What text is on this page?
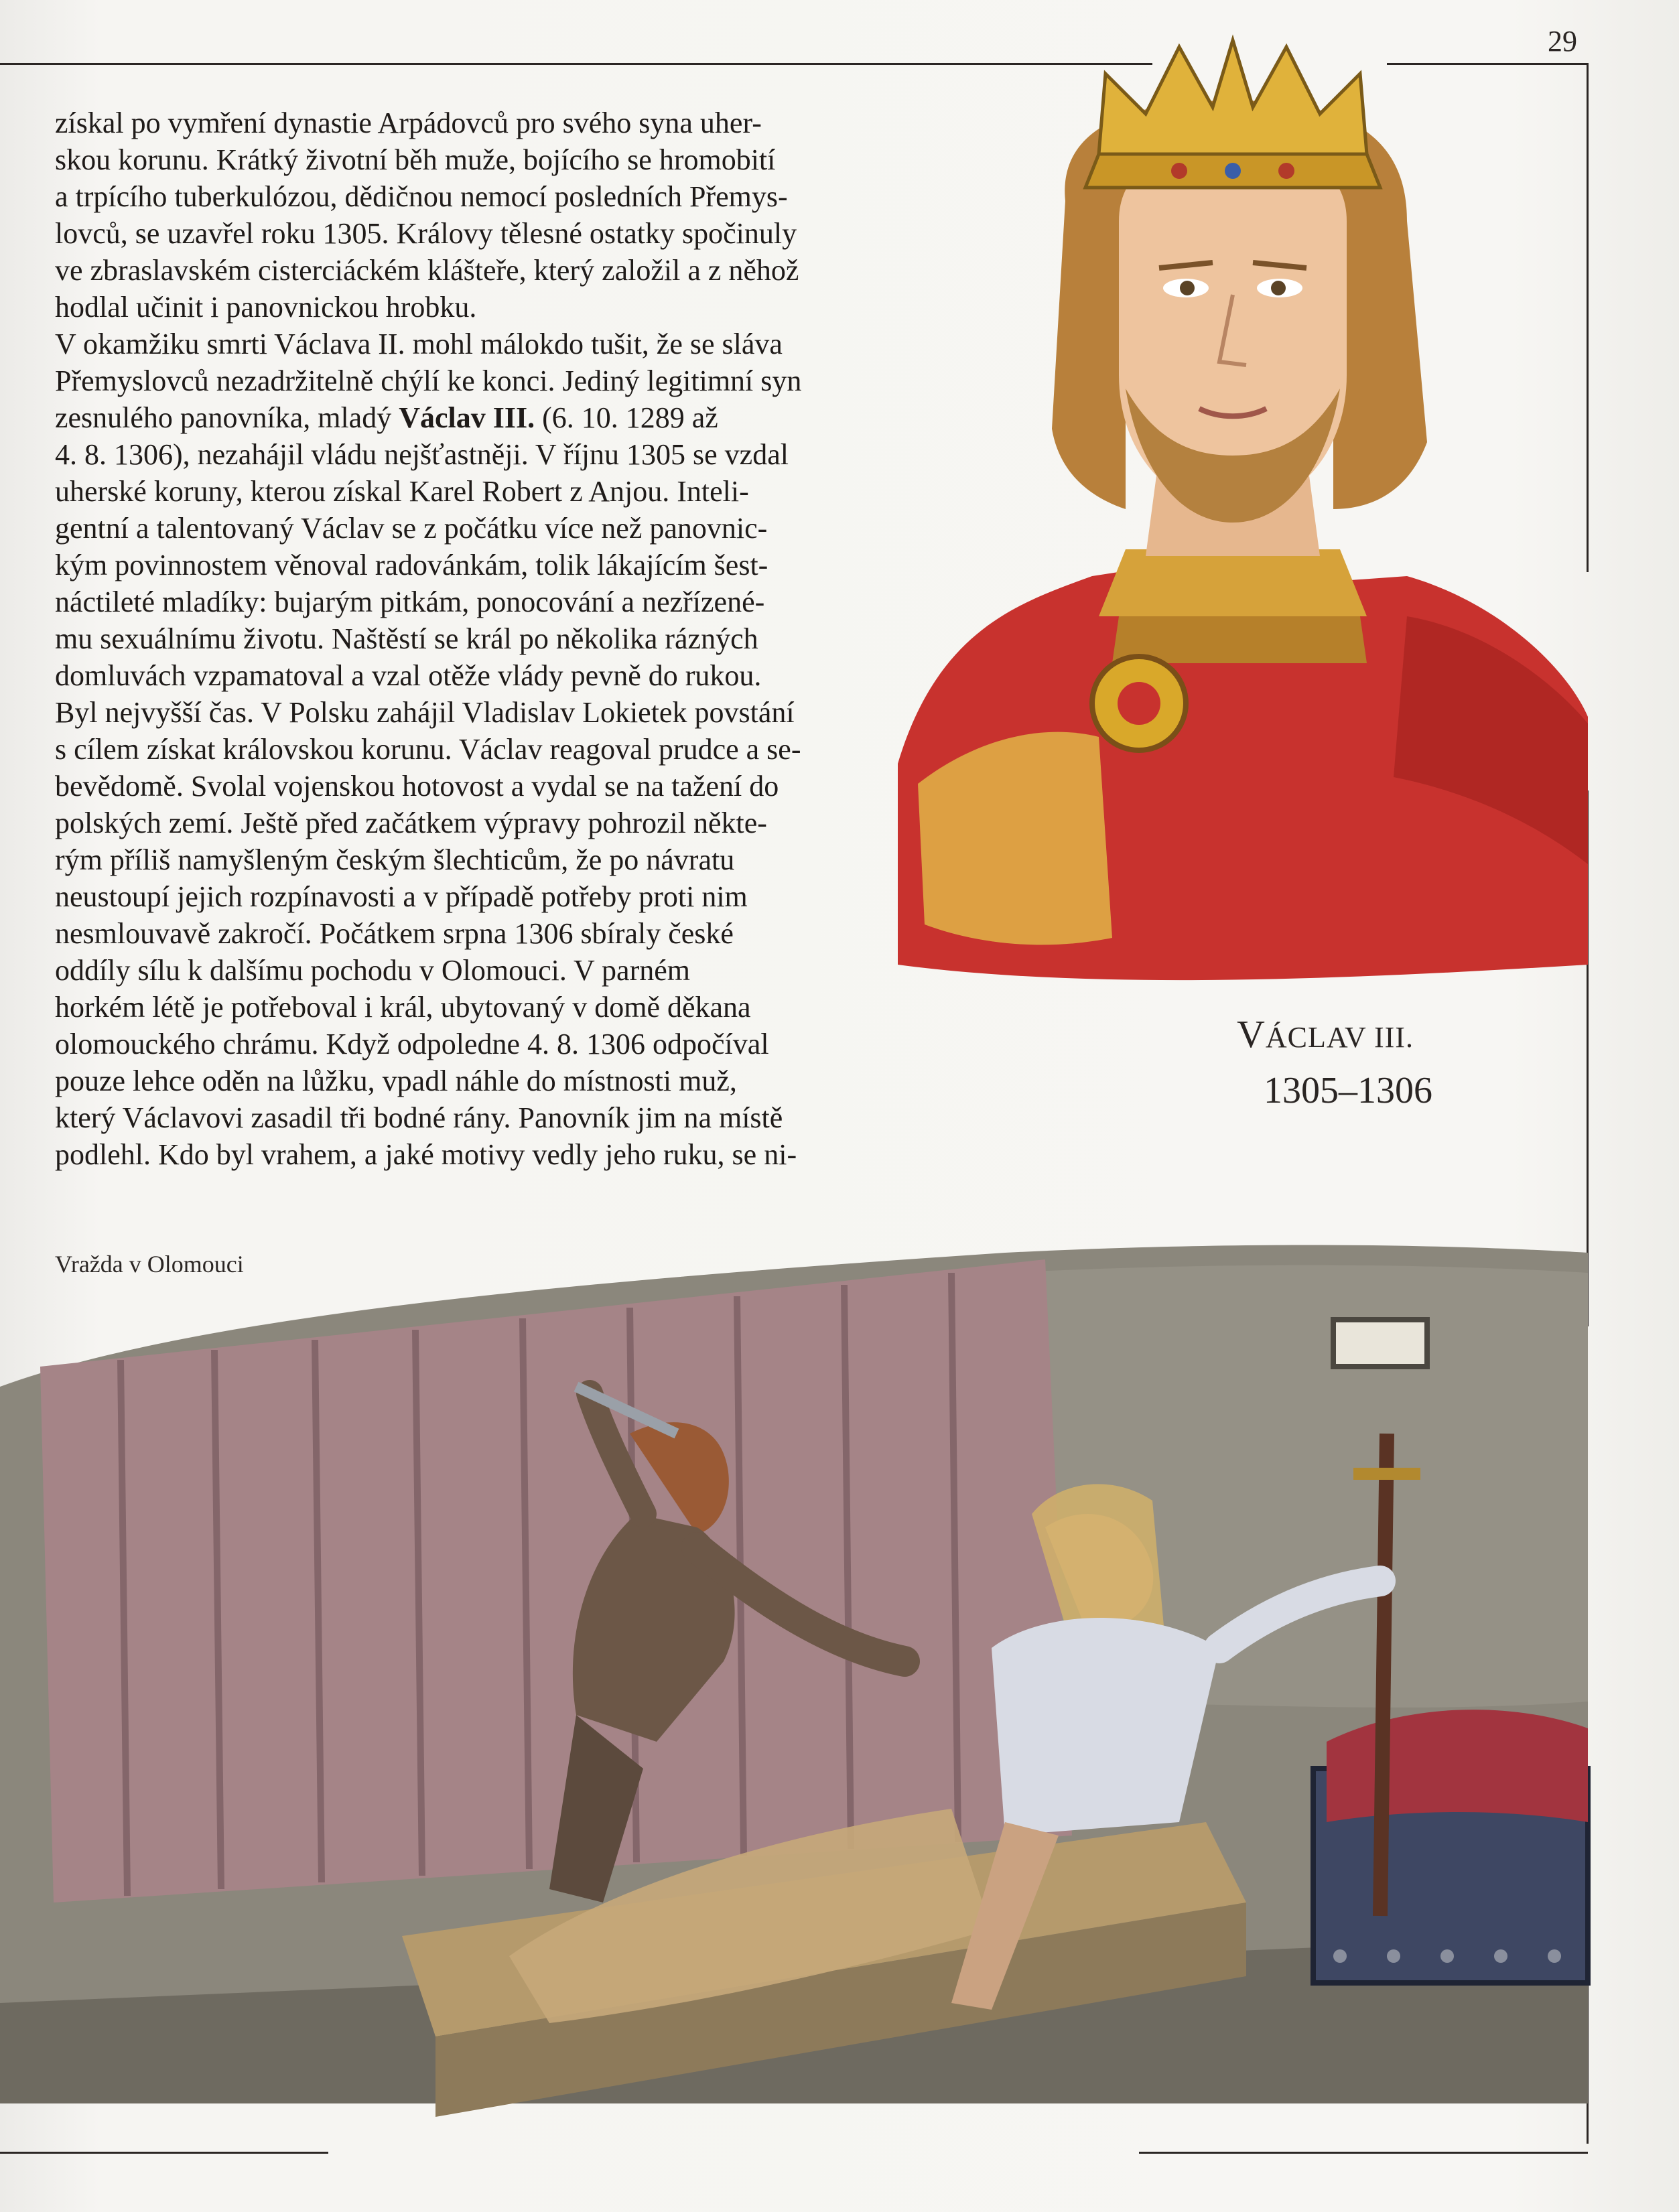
29
VÁCLAV III.
1305–1306

získal po vymření dynastie Arpádovců pro svého syna uher-

skou korunu. Krátký životní běh muže, bojícího se hromobití

a trpícího tuberkulózou, dědičnou nemocí posledních Přemys-

lovců, se uzavřel roku 1305. Královy tělesné ostatky spočinuly

ve zbraslavském cisterciáckém klášteře, který založil a z něhož

hodlal učinit i panovnickou hrobku.

V okamžiku smrti Václava II. mohl málokdo tušit, že se sláva

Přemyslovců nezadržitelně chýlí ke konci. Jediný legitimní syn

zesnulého panovníka, mladý Václav III. (6. 10. 1289 až

4. 8. 1306), nezahájil vládu nejšťastněji. V říjnu 1305 se vzdal

uherské koruny, kterou získal Karel Robert z Anjou. Inteli-

gentní a talentovaný Václav se z počátku více než panovnic-

kým povinnostem věnoval radovánkám, tolik lákajícím šest-

náctileté mladíky: bujarým pitkám, ponocování a nezřízené-

mu sexuálnímu životu. Naštěstí se král po několika rázných

domluvách vzpamatoval a vzal otěže vlády pevně do rukou.

Byl nejvyšší čas. V Polsku zahájil Vladislav Lokietek povstání

s cílem získat královskou korunu. Václav reagoval prudce a se-

bevědomě. Svolal vojenskou hotovost a vydal se na tažení do

polských zemí. Ještě před začátkem výpravy pohrozil někte-

rým příliš namyšleným českým šlechticům, že po návratu

neustoupí jejich rozpínavosti a v případě potřeby proti nim

nesmlouvavě zakročí. Počátkem srpna 1306 sbíraly české

oddíly sílu k dalšímu pochodu v Olomouci. V parném

horkém létě je potřeboval i král, ubytovaný v domě děkana

olomouckého chrámu. Když odpoledne 4. 8. 1306 odpočíval

pouze lehce oděn na lůžku, vpadl náhle do místnosti muž,

který Václavovi zasadil tři bodné rány. Panovník jim na místě

podlehl. Kdo byl vrahem, a jaké motivy vedly jeho ruku, se ni-

Vražda v Olomouci
